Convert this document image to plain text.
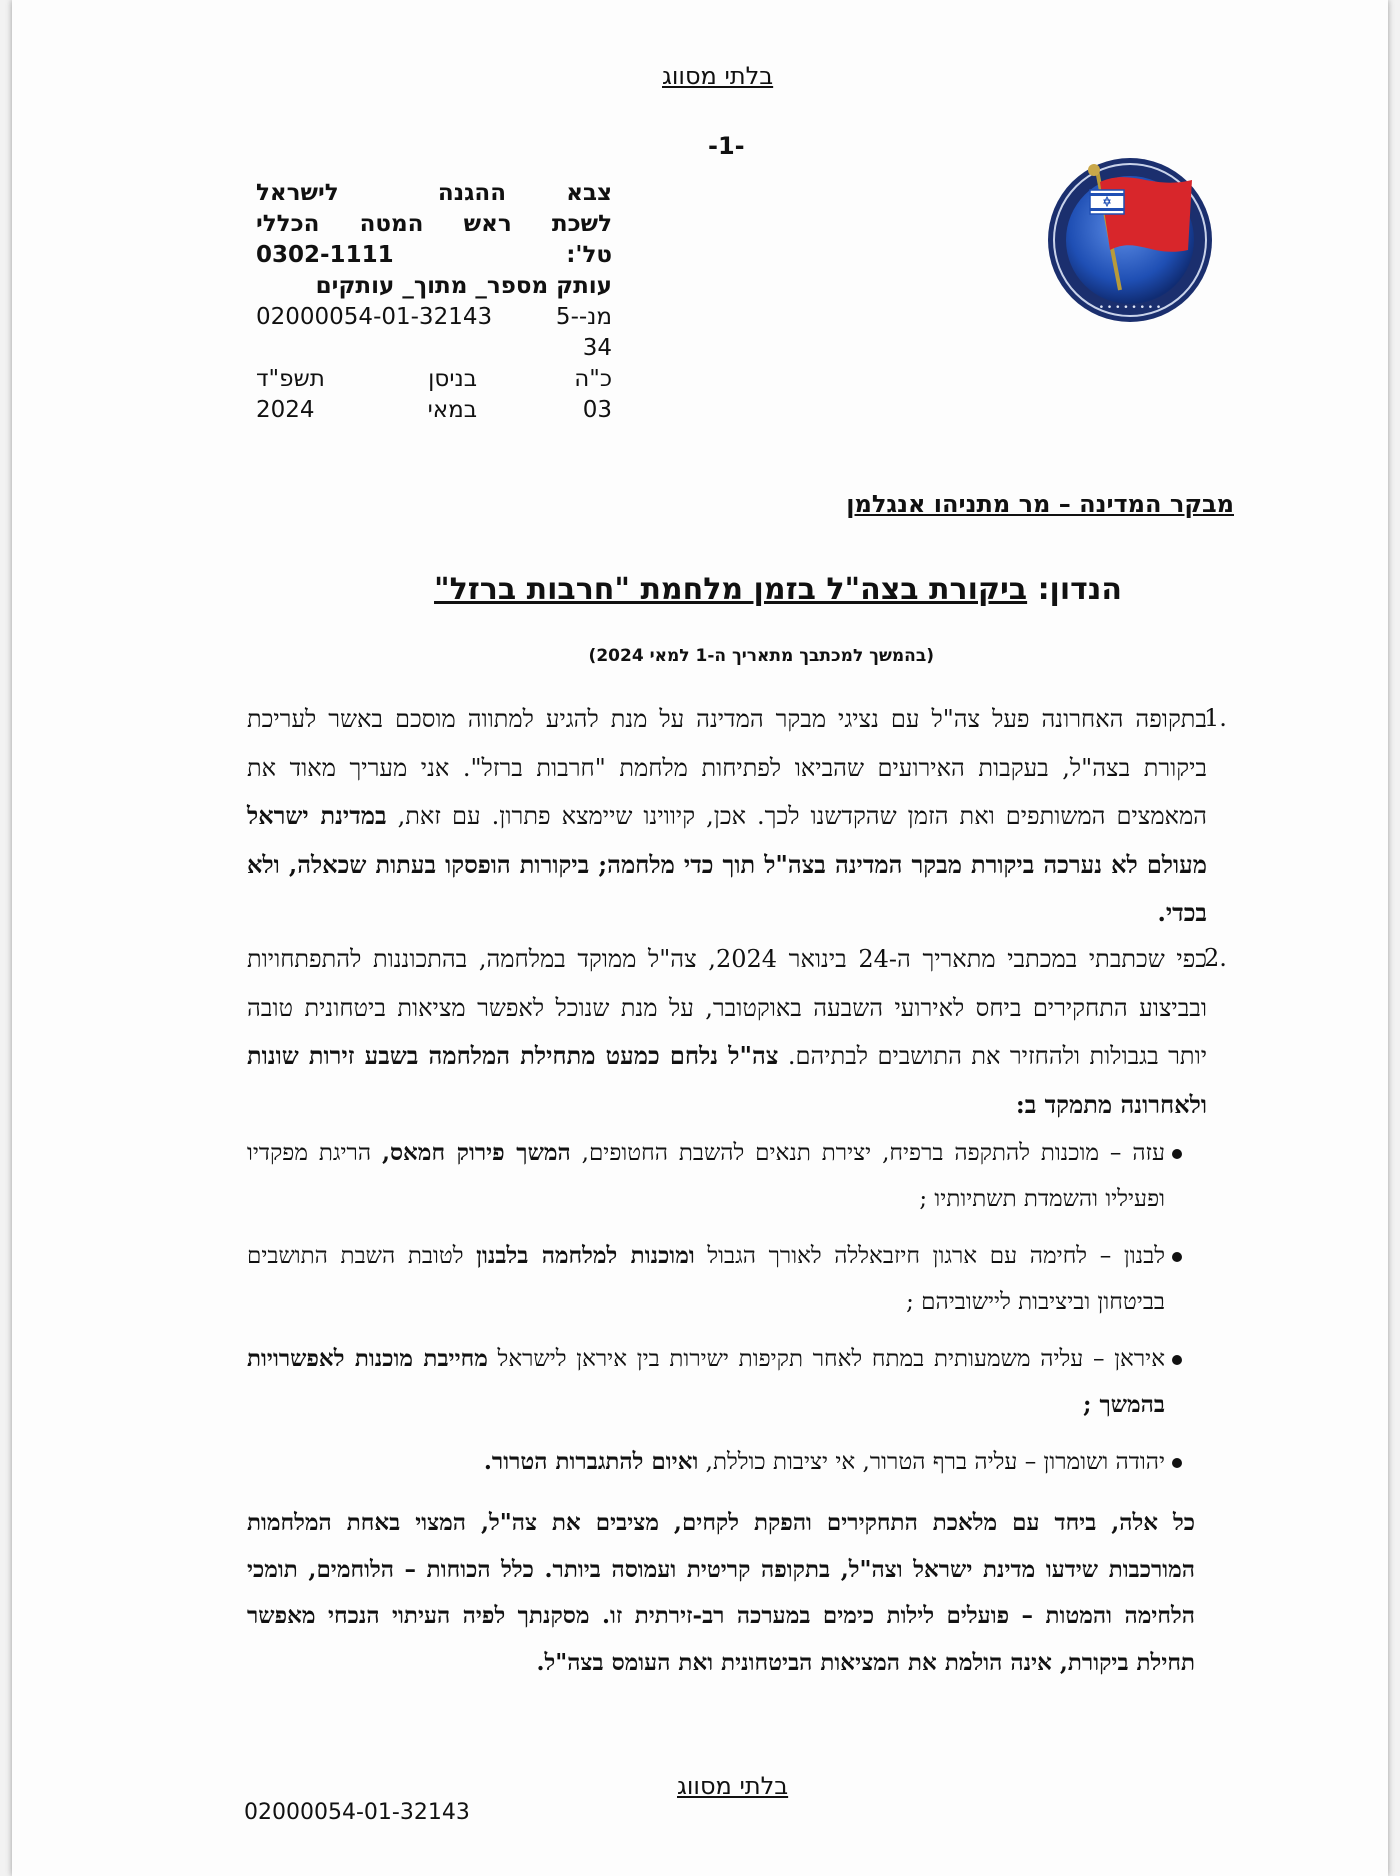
בלתי מסווג
-1-
צבא
ההגנה
לישראל
לשכת ראש המטה הכללי
טל':
0302-1111
עותק מספר_ מתוך_ עותקים
מנ--5
02000054-01-32143
34
כ"ה
בניסן
תשפ"ד
03
במאי
2024
• • • • • • • •
מבקר המדינה – מר מתניהו אנגלמן
הנדון: ביקורת בצה"ל בזמן מלחמת "חרבות ברזל"
(בהמשך למכתבך מתאריך ה-1 למאי 2024)
1.
בתקופה האחרונה פעל צה"ל עם נציגי מבקר המדינה על מנת להגיע למתווה מוסכם באשר לעריכת ביקורת בצה"ל, בעקבות האירועים שהביאו לפתיחות מלחמת "חרבות ברזל". אני מעריך מאוד את המאמצים המשותפים ואת הזמן שהקדשנו לכך. אכן, קיווינו שיימצא פתרון. עם זאת, במדינת ישראל מעולם לא נערכה ביקורת מבקר המדינה בצה"ל תוך כדי מלחמה; ביקורות הופסקו בעתות שכאלה, ולא בכדי.
2.
כפי שכתבתי במכתבי מתאריך ה-24 בינואר 2024, צה"ל ממוקד במלחמה, בהתכוננות להתפתחויות ובביצוע התחקירים ביחס לאירועי השבעה באוקטובר, על מנת שנוכל לאפשר מציאות ביטחונית טובה יותר בגבולות ולהחזיר את התושבים לבתיהם. צה"ל נלחם כמעט מתחילת המלחמה בשבע זירות שונות ולאחרונה מתמקד ב:
עזה – מוכנות להתקפה ברפיח, יצירת תנאים להשבת החטופים, המשך פירוק חמאס, הריגת מפקדיו ופעיליו והשמדת תשתיותיו ;
לבנון – לחימה עם ארגון חיזבאללה לאורך הגבול ומוכנות למלחמה בלבנון לטובת השבת התושבים בביטחון וביציבות ליישוביהם ;
איראן – עליה משמעותית במתח לאחר תקיפות ישירות בין איראן לישראל מחייבת מוכנות לאפשרויות בהמשך ;
יהודה ושומרון – עליה ברף הטרור, אי יציבות כוללת, ואיום להתגברות הטרור.
כל אלה, ביחד עם מלאכת התחקירים והפקת לקחים, מציבים את צה"ל, המצוי באחת המלחמות המורכבות שידעו מדינת ישראל וצה"ל, בתקופה קריטית ועמוסה ביותר. כלל הכוחות – הלוחמים, תומכי הלחימה והמטות – פועלים לילות כימים במערכה רב-זירתית זו. מסקנתך לפיה העיתוי הנכחי מאפשר תחילת ביקורת, אינה הולמת את המציאות הביטחונית ואת העומס בצה"ל.
בלתי מסווג
02000054-01-32143
